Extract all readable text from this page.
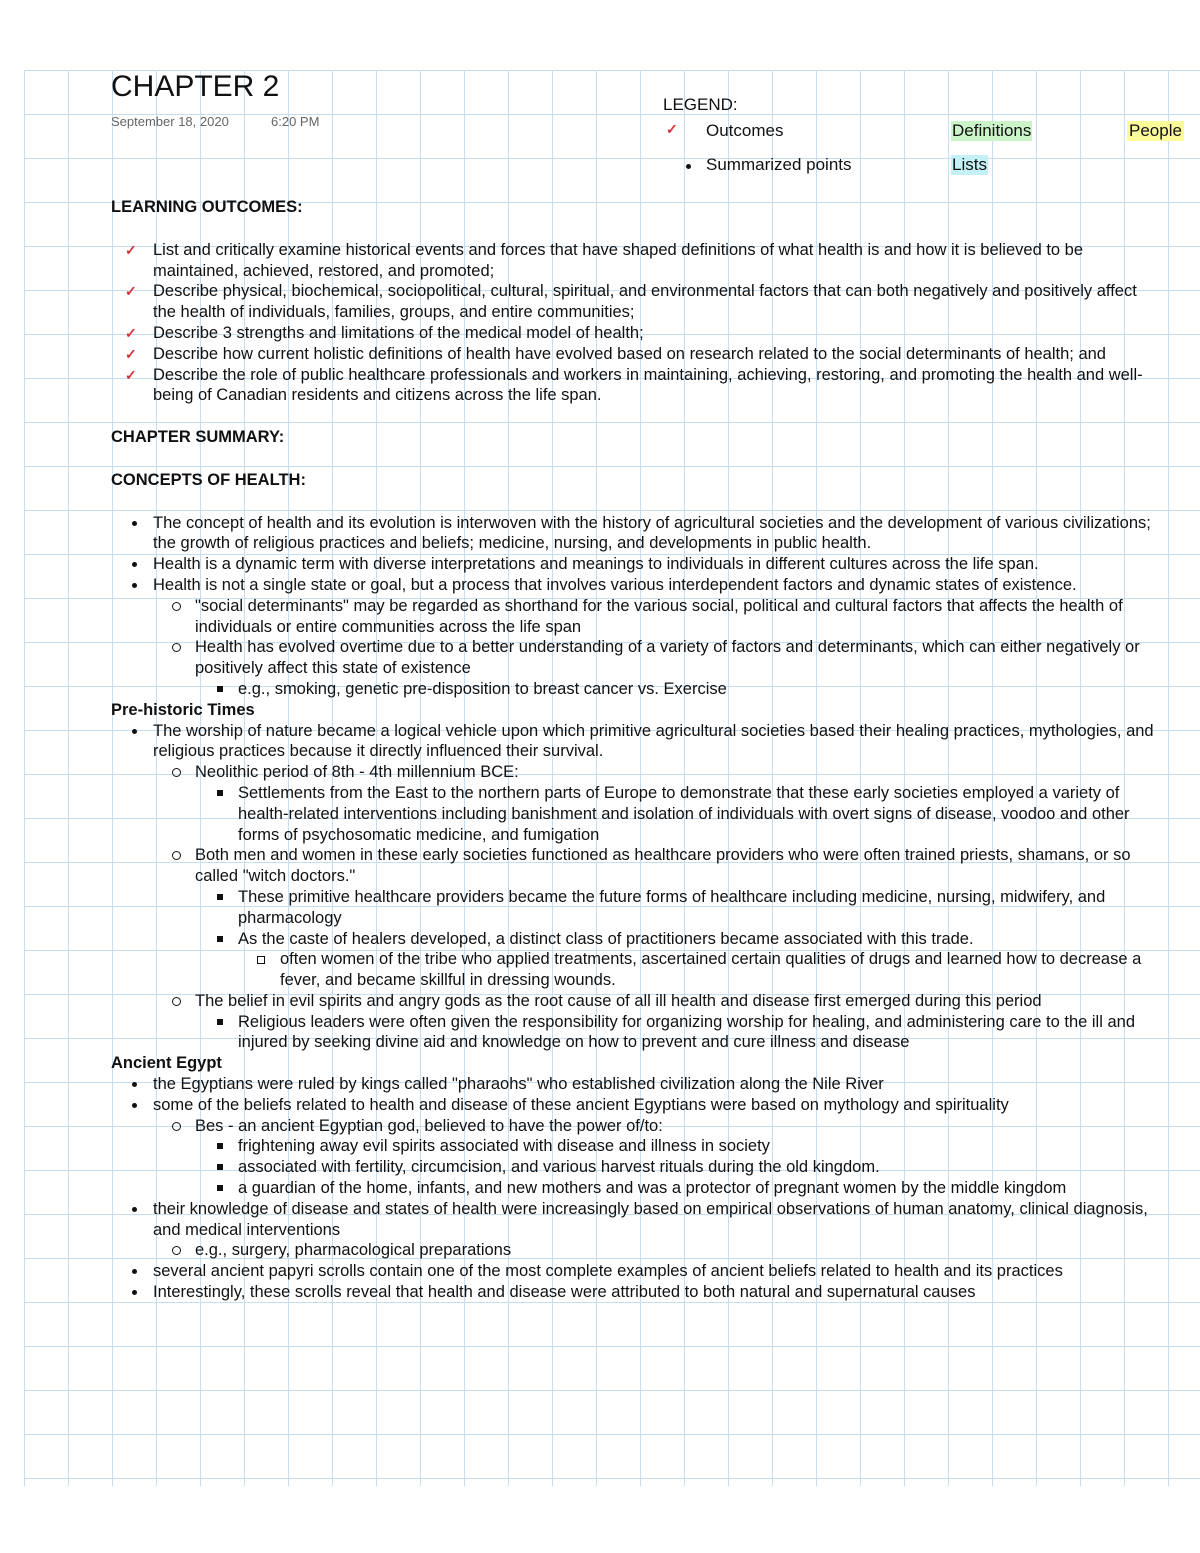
CHAPTER 2
September 18, 2020	6:20 PM
LEGEND:
✓ Outcomes
Summarized points
Definitions	People
Lists
LEARNING OUTCOMES:
✓ List and critically examine historical events and forces that have shaped definitions of what health is and how it is believed to be maintained, achieved, restored, and promoted;
✓ Describe physical, biochemical, sociopolitical, cultural, spiritual, and environmental factors that can both negatively and positively affect the health of individuals, families, groups, and entire communities;
✓ Describe 3 strengths and limitations of the medical model of health;
✓ Describe how current holistic definitions of health have evolved based on research related to the social determinants of health; and
✓ Describe the role of public healthcare professionals and workers in maintaining, achieving, restoring, and promoting the health and well-being of Canadian residents and citizens across the life span.
CHAPTER SUMMARY:
CONCEPTS OF HEALTH:
The concept of health and its evolution is interwoven with the history of agricultural societies and the development of various civilizations; the growth of religious practices and beliefs; medicine, nursing, and developments in public health.
Health is a dynamic term with diverse interpretations and meanings to individuals in different cultures across the life span.
Health is not a single state or goal, but a process that involves various interdependent factors and dynamic states of existence.
"social determinants" may be regarded as shorthand for the various social, political and cultural factors that affects the health of individuals or entire communities across the life span
Health has evolved overtime due to a better understanding of a variety of factors and determinants, which can either negatively or positively affect this state of existence
e.g., smoking, genetic pre-disposition to breast cancer vs. Exercise
Pre-historic Times
The worship of nature became a logical vehicle upon which primitive agricultural societies based their healing practices, mythologies, and religious practices because it directly influenced their survival.
Neolithic period of 8th - 4th millennium BCE:
Settlements from the East to the northern parts of Europe to demonstrate that these early societies employed a variety of health-related interventions including banishment and isolation of individuals with overt signs of disease, voodoo and other forms of psychosomatic medicine, and fumigation
Both men and women in these early societies functioned as healthcare providers who were often trained priests, shamans, or so called "witch doctors."
These primitive healthcare providers became the future forms of healthcare including medicine, nursing, midwifery, and pharmacology
As the caste of healers developed, a distinct class of practitioners became associated with this trade.
often women of the tribe who applied treatments, ascertained certain qualities of drugs and learned how to decrease a fever, and became skillful in dressing wounds.
The belief in evil spirits and angry gods as the root cause of all ill health and disease first emerged during this period
Religious leaders were often given the responsibility for organizing worship for healing, and administering care to the ill and injured by seeking divine aid and knowledge on how to prevent and cure illness and disease
Ancient Egypt
the Egyptians were ruled by kings called "pharaohs" who established civilization along the Nile River
some of the beliefs related to health and disease of these ancient Egyptians were based on mythology and spirituality
Bes - an ancient Egyptian god, believed to have the power of/to:
frightening away evil spirits associated with disease and illness in society
associated with fertility, circumcision, and various harvest rituals during the old kingdom.
a guardian of the home, infants, and new mothers and was a protector of pregnant women by the middle kingdom
their knowledge of disease and states of health were increasingly based on empirical observations of human anatomy, clinical diagnosis, and medical interventions
e.g., surgery, pharmacological preparations
several ancient papyri scrolls contain one of the most complete examples of ancient beliefs related to health and its practices
Interestingly, these scrolls reveal that health and disease were attributed to both natural and supernatural causes
